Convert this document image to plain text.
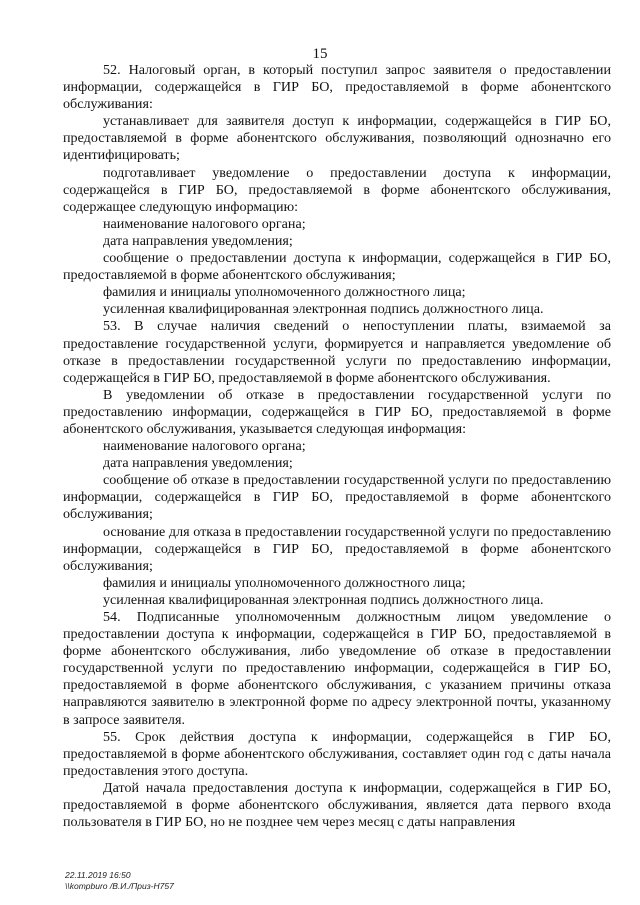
15

52. Налоговый орган, в который поступил запрос заявителя о предоставлении информации, содержащейся в ГИР БО, предоставляемой в форме абонентского обслуживания:

устанавливает для заявителя доступ к информации, содержащейся в ГИР БО, предоставляемой в форме абонентского обслуживания, позволяющий однозначно его идентифицировать;

подготавливает уведомление о предоставлении доступа к информации, содержащейся в ГИР БО, предоставляемой в форме абонентского обслуживания, содержащее следующую информацию:

наименование налогового органа;

дата направления уведомления;

сообщение о предоставлении доступа к информации, содержащейся в ГИР БО, предоставляемой в форме абонентского обслуживания;

фамилия и инициалы уполномоченного должностного лица;

усиленная квалифицированная электронная подпись должностного лица.

53. В случае наличия сведений о непоступлении платы, взимаемой за предоставление государственной услуги, формируется и направляется уведомление об отказе в предоставлении государственной услуги по предоставлению информации, содержащейся в ГИР БО, предоставляемой в форме абонентского обслуживания.

В уведомлении об отказе в предоставлении государственной услуги по предоставлению информации, содержащейся в ГИР БО, предоставляемой в форме абонентского обслуживания, указывается следующая информация:

наименование налогового органа;

дата направления уведомления;

сообщение об отказе в предоставлении государственной услуги по предоставлению информации, содержащейся в ГИР БО, предоставляемой в форме абонентского обслуживания;

основание для отказа в предоставлении государственной услуги по предоставлению информации, содержащейся в ГИР БО, предоставляемой в форме абонентского обслуживания;

фамилия и инициалы уполномоченного должностного лица;

усиленная квалифицированная электронная подпись должностного лица.

54. Подписанные уполномоченным должностным лицом уведомление о предоставлении доступа к информации, содержащейся в ГИР БО, предоставляемой в форме абонентского обслуживания, либо уведомление об отказе в предоставлении государственной услуги по предоставлению информации, содержащейся в ГИР БО, предоставляемой в форме абонентского обслуживания, с указанием причины отказа направляются заявителю в электронной форме по адресу электронной почты, указанному в запросе заявителя.

55. Срок действия доступа к информации, содержащейся в ГИР БО, предоставляемой в форме абонентского обслуживания, составляет один год с даты начала предоставления этого доступа.

Датой начала предоставления доступа к информации, содержащейся в ГИР БО, предоставляемой в форме абонентского обслуживания, является дата первого входа пользователя в ГИР БО, но не позднее чем через месяц с даты направления

22.11.2019 16:50
\\kompburo /В.И./Приз-Н757
